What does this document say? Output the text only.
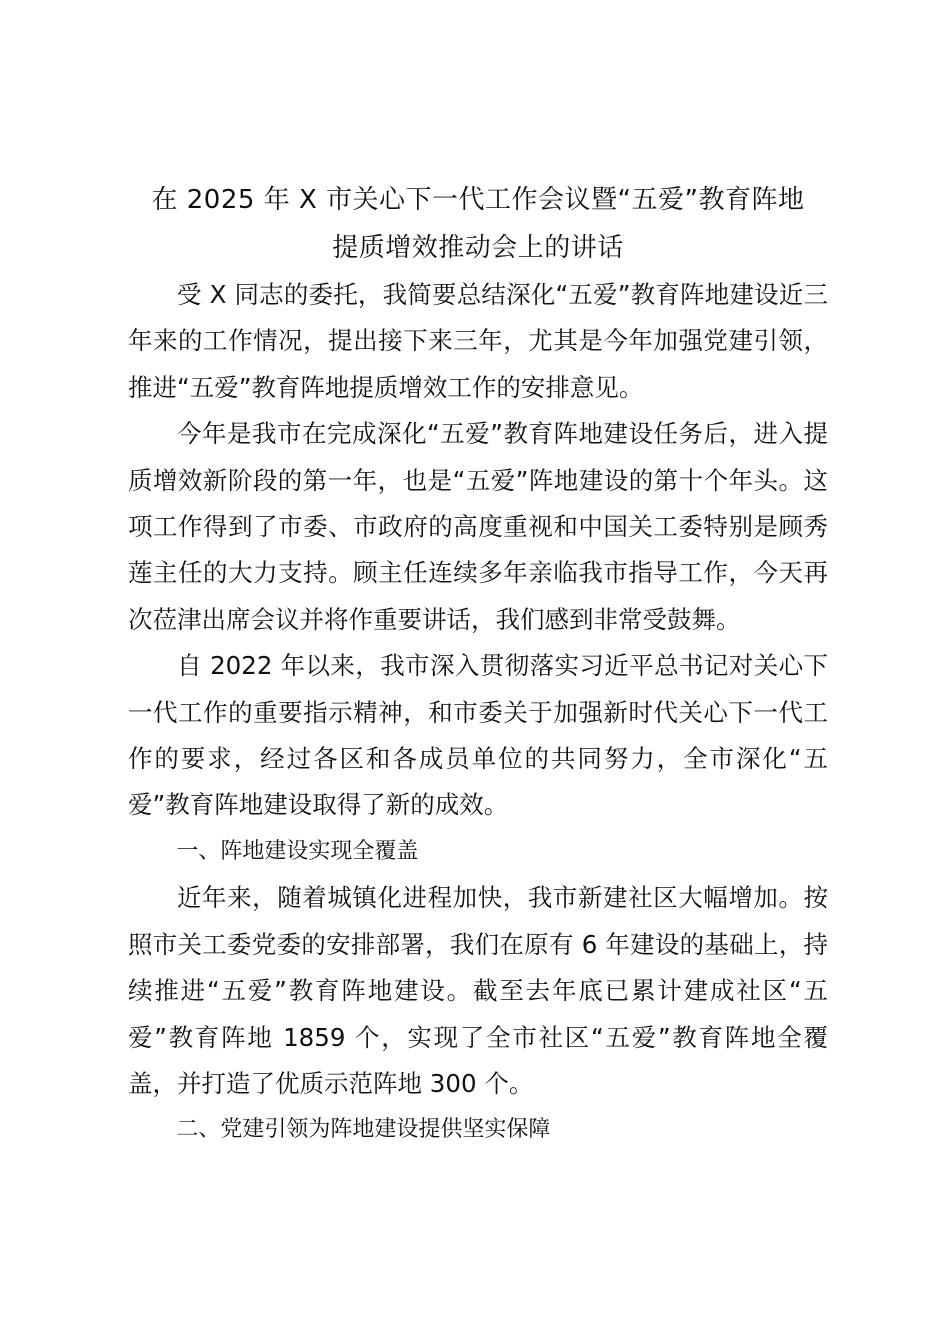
在 2025 年 X 市关心下一代工作会议暨“五爱”教育阵地
提质增效推动会上的讲话

受 X 同志的委托，我简要总结深化“五爱”教育阵地建设近三年来的工作情况，提出接下来三年，尤其是今年加强党建引领，推进“五爱”教育阵地提质增效工作的安排意见。

今年是我市在完成深化“五爱”教育阵地建设任务后，进入提质增效新阶段的第一年，也是“五爱”阵地建设的第十个年头。这项工作得到了市委、市政府的高度重视和中国关工委特别是顾秀莲主任的大力支持。顾主任连续多年亲临我市指导工作，今天再次莅津出席会议并将作重要讲话，我们感到非常受鼓舞。

自 2022 年以来，我市深入贯彻落实习近平总书记对关心下一代工作的重要指示精神，和市委关于加强新时代关心下一代工作的要求，经过各区和各成员单位的共同努力，全市深化“五爱”教育阵地建设取得了新的成效。

一、阵地建设实现全覆盖

近年来，随着城镇化进程加快，我市新建社区大幅增加。按照市关工委党委的安排部署，我们在原有 6 年建设的基础上，持续推进“五爱”教育阵地建设。截至去年底已累计建成社区“五爱”教育阵地 1859 个，实现了全市社区“五爱”教育阵地全覆盖，并打造了优质示范阵地 300 个。

二、党建引领为阵地建设提供坚实保障
